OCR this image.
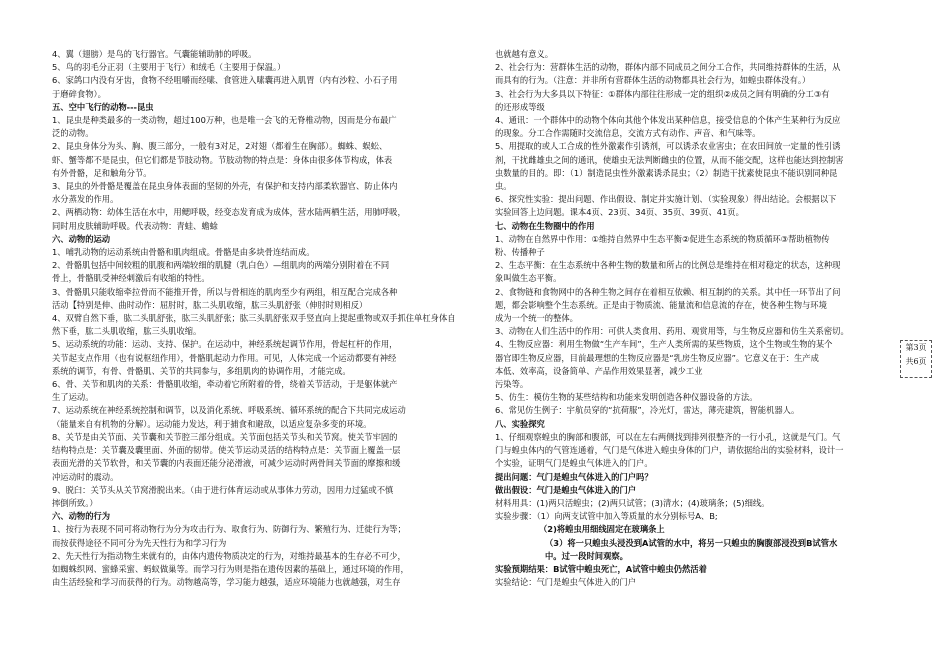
4、翼（翅膀）是鸟的飞行器官。气囊能辅助肺的呼吸。

5、鸟的羽毛分正羽（主要用于飞行）和绒毛（主要用于保温。）

6、家鸽口内没有牙齿，食物不经咀嚼而经嗉、食管进入嗉囊再进入肌胃（内有沙粒、小石子用

于磨碎食物）。

五、空中飞行的动物---昆虫

1、昆虫是种类最多的一类动物，超过100万种，也是唯一会飞的无脊椎动物，因而是分布最广

泛的动物。

2、昆虫身体分为头、胸、腹三部分，一般有3对足，2对翅（都着生在胸部）。蜘蛛、蜈蚣、

虾、蟹等都不是昆虫，但它们都是节肢动物。节肢动物的特点是：身体由很多体节构成，体表

有外骨骼，足和触角分节。

3、昆虫的外骨骼是覆盖在昆虫身体表面的坚韧的外壳，有保护和支持内部柔软器官、防止体内

水分蒸发的作用。

2、两栖动物：幼体生活在水中，用鳃呼吸，经变态发育成为成体，营水陆两栖生活，用肺呼吸，

同时用皮肤辅助呼吸。代表动物：青蛙、蟾蜍

六、动物的运动

1、哺乳动物的运动系统由骨骼和肌肉组成。骨骼是由多块骨连结而成。

2、骨骼肌包括中间较粗的肌腹和两端较细的肌腱（乳白色）—组肌肉的两端分别附着在不同

骨上，骨骼肌受神经刺激后有收缩的特性。

3、骨骼肌只能收缩牵拉骨而不能推开骨，所以与骨相连的肌肉至少有两组，相互配合完成各种

活动【特别是伸、曲时动作：屈肘时，肱二头肌收缩，肱三头肌舒张（伸肘时则相反）

4、双臂自然下垂，肱二头肌舒张，肱三头肌舒张；肱三头肌舒张双手竖直向上提起重物或双手抓住单杠身体自

然下垂，肱二头肌收缩，肱三头肌收缩。

5、运动系统的功能：运动、支持、保护。在运动中，神经系统起调节作用，骨起杠杆的作用，

关节起支点作用（也有说枢纽作用），骨骼肌起动力作用。可见，人体完成一个运动都要有神经

系统的调节，有骨、骨骼肌、关节的共同参与，多组肌肉的协调作用，才能完成。

6、骨、关节和肌肉的关系：骨骼肌收缩，牵动着它所附着的骨，绕着关节活动，于是躯体就产

生了运动。

7、运动系统在神经系统控制和调节，以及消化系统、呼吸系统、循环系统的配合下共同完成运动

（能量来自有机物的分解）。运动能力发达，利于捕食和避敌，以适应复杂多变的环境。

8、关节是由关节面、关节囊和关节腔三部分组成。关节面包括关节头和关节窝。使关节牢固的

结构特点是：关节囊及囊里面、外面的韧带。使关节运动灵活的结构特点是：关节面上覆盖一层

表面光滑的关节软骨，和关节囊的内表面还能分泌滑液，可减少运动时两骨间关节面的摩擦和缓

冲运动时的震动。

9、脱臼：关节头从关节窝滑脱出来。（由于进行体育运动或从事体力劳动，因用力过猛或不慎

摔倒所致。）

六、动物的行为

1、按行为表现不同可将动物行为分为攻击行为、取食行为、防御行为、繁殖行为、迁徙行为等；

而按获得途径不同可分为先天性行为和学习行为

2、先天性行为指动物生来就有的，由体内遗传物质决定的行为，对维持最基本的生存必不可少，

如蜘蛛织网、蜜蜂采蜜、蚂蚁做巢等。而学习行为则是指在遗传因素的基础上，通过环境的作用，

由生活经验和学习而获得的行为。动物越高等，学习能力越强，适应环境能力也就越强，对生存

也就越有意义。

2、社会行为：营群体生活的动物，群体内部不同成员之间分工合作，共同维持群体的生活，从

而具有的行为。（注意：并非所有营群体生活的动物都具社会行为，如蝗虫群体没有。）

3、社会行为大多具以下特征：①群体内部往往形成一定的组织②成员之间有明确的分工③有

的还形成等级

4、通讯：一个群体中的动物个体向其他个体发出某种信息，接受信息的个体产生某种行为反应

的现象。分工合作需随时交流信息，交流方式有动作、声音、和气味等。

5、用提取的或人工合成的性外激素作引诱剂，可以诱杀农业害虫；在农田间放一定量的性引诱

剂，干扰雌雄虫之间的通讯，使雄虫无法判断雌虫的位置，从而不能交配，这样也能达到控制害

虫数量的目的。即：（1）制造昆虫性外激素诱杀昆虫；（2）制造干扰素使昆虫不能识别同种昆

虫。

6、探究性实验：提出问题、作出假设、制定并实施计划、（实验现象）得出结论。会根据以下

实验回答上边问题。课本4页、23页、34页、35页、39页、41页。

七、动物在生物圈中的作用

1、动物在自然界中作用：①维持自然界中生态平衡②促进生态系统的物质循环③帮助植物传

粉、传播种子

2、生态平衡：在生态系统中各种生物的数量和所占的比例总是维持在相对稳定的状态，这种现

象叫做生态平衡。

2、食物链和食物网中的各种生物之间存在着相互依赖、相互制约的关系。其中任一环节出了问

题，都会影响整个生态系统。正是由于物质流、能量流和信息流的存在，使各种生物与环境

成为一个统一的整体。

3、动物在人们生活中的作用：可供人类食用、药用、观赏用等，与生物反应器和仿生关系密切。

4、生物反应器：利用生物做“生产车间”，生产人类所需的某些物质，这个生物或生物的某个

器官即生物反应器，目前最理想的生物反应器是“乳房生物反应器”。它意义在于：生产成

本低、效率高，设备简单、产品作用效果显著，减少工业

污染等。

5、仿生：模仿生物的某些结构和功能来发明创造各种仪器设备的方法。

6、常见仿生例子：宇航员穿的“抗荷服”，冷光灯，雷达，薄壳建筑，智能机器人。

八、实验探究

1、仔细观察蝗虫的胸部和腹部，可以在左右两侧找到排列很整齐的一行小孔，这就是气门。气

门与蝗虫体内的气管连通着，气门是气体进入蝗虫身体的门户，请依据给出的实验材料，设计一

个实验，证明气门是蝗虫气体进入的门户。

提出问题：气门是蝗虫气体进入的门户吗？

做出假设：气门是蝗虫气体进入的门户

材料用具：(1)两只活蝗虫；(2)两只试管；(3)清水；(4)玻璃条；(5)细线。

实验步骤：（1）向两支试管中加入等质量的水分别标号A、B;

（2)将蝗虫用细线固定在玻璃条上

（3）将一只蝗虫头浸没到A试管的水中，将另一只蝗虫的胸腹部浸没到B试管水

中。过一段时间观察。

实验预期结果：B试管中蝗虫死亡，A试管中蝗虫仍然活着

实验结论：气门是蝗虫气体进入的门户

第3页
共6页
